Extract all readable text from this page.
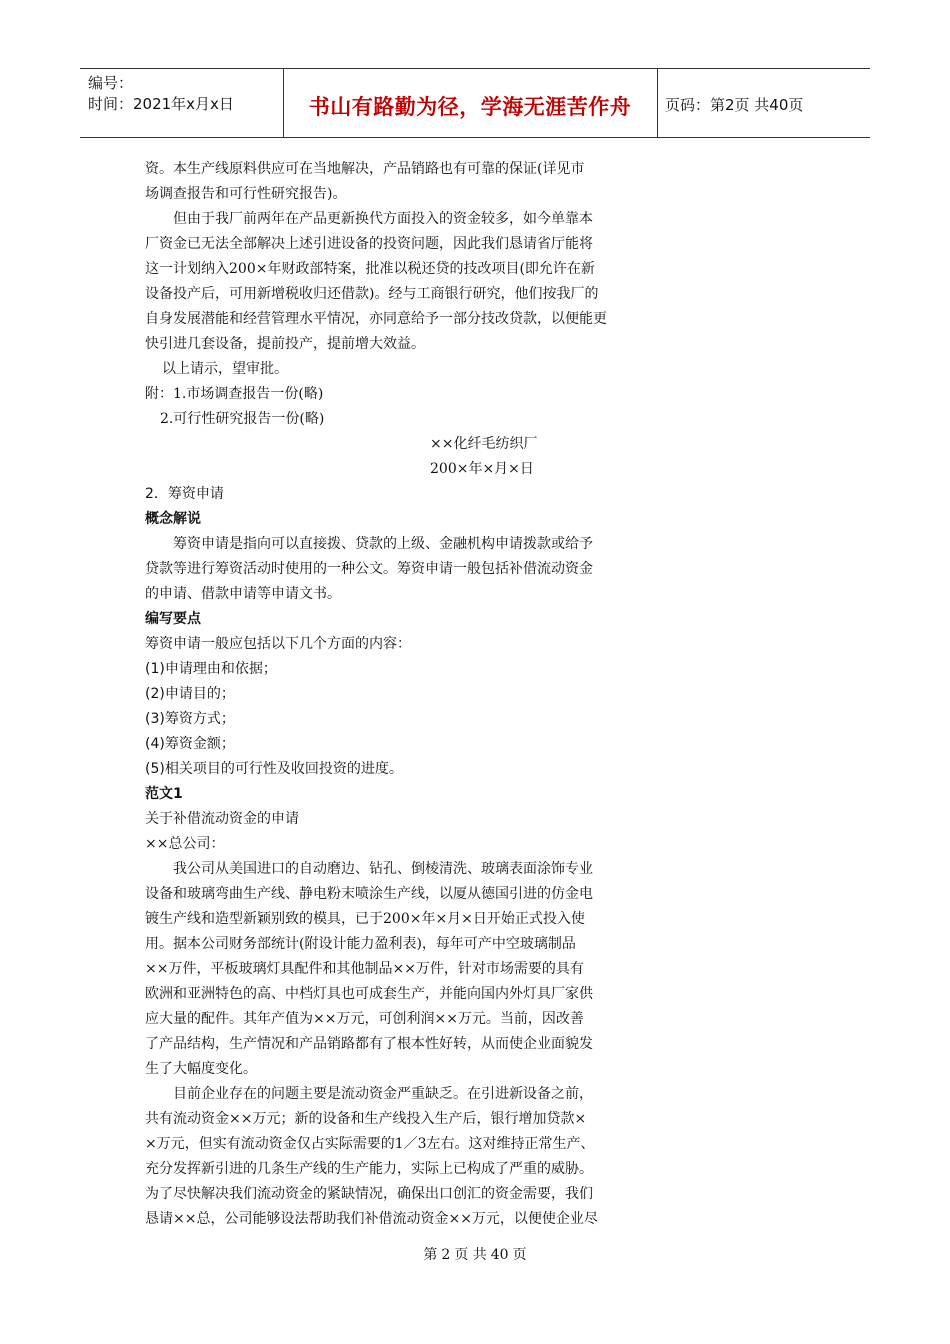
编号：
时间：2021年x月x日	书山有路勤为径，学海无涯苦作舟	页码：第2页 共40页
资。本生产线原料供应可在当地解决，产品销路也有可靠的保证(详见市
场调查报告和可行性研究报告)。
但由于我厂前两年在产品更新换代方面投入的资金较多，如今单靠本
厂资金已无法全部解决上述引进设备的投资问题，因此我们恳请省厅能将
这一计划纳入200×年财政部特案，批准以税还贷的技改项目(即允许在新
设备投产后，可用新增税收归还借款)。经与工商银行研究，他们按我厂的
自身发展潜能和经营管理水平情况，亦同意给予一部分技改贷款，以便能更
快引进几套设备，提前投产，提前增大效益。
以上请示，望审批。
附：1.市场调查报告一份(略)
2.可行性研究报告一份(略)
××化纤毛纺织厂
200×年×月×日
2．筹资申请
概念解说
筹资申请是指向可以直接拨、贷款的上级、金融机构申请拨款或给予
贷款等进行筹资活动时使用的一种公文。筹资申请一般包括补借流动资金
的申请、借款申请等申请文书。
编写要点
筹资申请一般应包括以下几个方面的内容：
(1)申请理由和依据；
(2)申请目的；
(3)筹资方式；
(4)筹资金额；
(5)相关项目的可行性及收回投资的进度。
范文1
关于补借流动资金的申请
××总公司：
我公司从美国进口的自动磨边、钻孔、倒棱清洗、玻璃表面涂饰专业
设备和玻璃弯曲生产线、静电粉末喷涂生产线，以厦从德国引进的仿金电
镀生产线和造型新颖别致的模具，已于200×年×月×日开始正式投入使
用。据本公司财务部统计(附设计能力盈利表)，每年可产中空玻璃制品
××万件，平板玻璃灯具配件和其他制品××万件，针对市场需要的具有
欧洲和亚洲特色的高、中档灯具也可成套生产，并能向国内外灯具厂家供
应大量的配件。其年产值为××万元，可创利润××万元。当前，因改善
了产品结构，生产情况和产品销路都有了根本性好转，从而使企业面貌发
生了大幅度变化。
目前企业存在的问题主要是流动资金严重缺乏。在引进新设备之前，
共有流动资金××万元；新的设备和生产线投入生产后，银行增加贷款×
×万元，但实有流动资金仅占实际需要的1／3左右。这对维持正常生产、
充分发挥新引进的几条生产线的生产能力，实际上已构成了严重的威胁。
为了尽快解决我们流动资金的紧缺情况，确保出口创汇的资金需要，我们
恳请××总，公司能够设法帮助我们补借流动资金××万元，以便使企业尽
第 2 页 共 40 页
